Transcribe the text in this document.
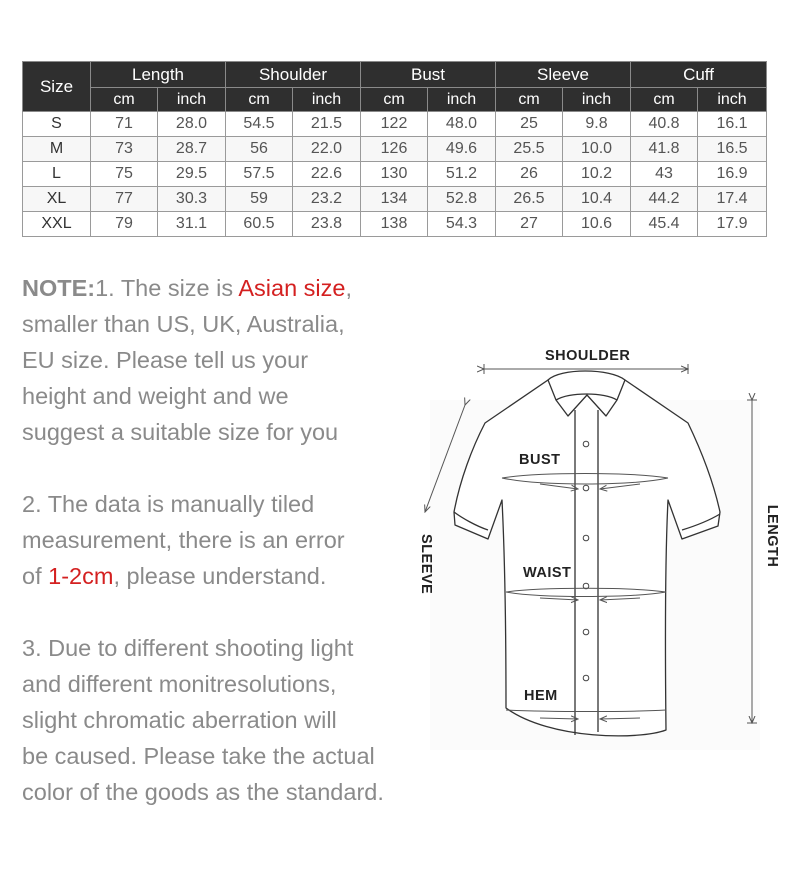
Size	Length		Shoulder		Bust		Sleeve		Cuff	
	cm	inch	cm	inch	cm	inch	cm	inch	cm	inch
S	71	28.0	54.5	21.5	122	48.0	25	9.8	40.8	16.1
M	73	28.7	56	22.0	126	49.6	25.5	10.0	41.8	16.5
L	75	29.5	57.5	22.6	130	51.2	26	10.2	43	16.9
XL	77	30.3	59	23.2	134	52.8	26.5	10.4	44.2	17.4
XXL	79	31.1	60.5	23.8	138	54.3	27	10.6	45.4	17.9

NOTE:1. The size is Asian size,
smaller than US, UK, Australia,
EU size. Please tell us your
height and weight and we
suggest a suitable size for you

2. The data is manually tiled
measurement, there is an error
of 1-2cm, please understand.

3. Due to different shooting light
and different monitresolutions,
slight chromatic aberration will
be caused. Please take the actual
color of the goods as the standard.

SHOULDER
BUST
WAIST
HEM
SLEEVE	LENGTH
